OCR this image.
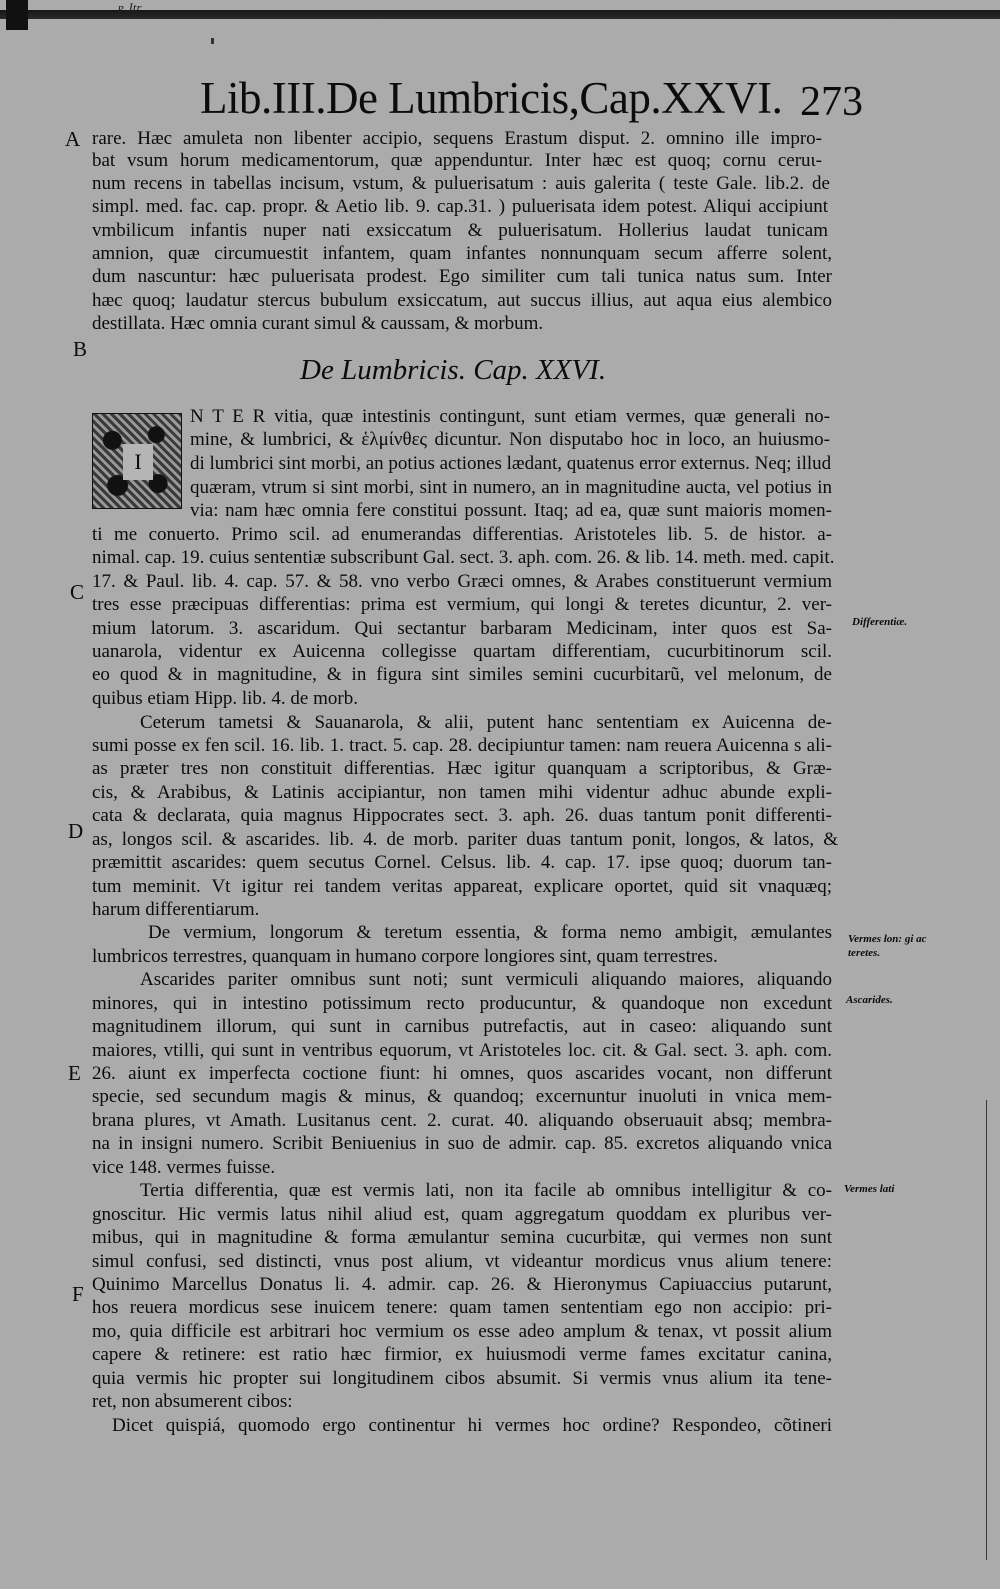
ɐ Jtr
Lib.III.De Lumbricis,Cap.XXVI. 273
A
B
C
D
E
F
Differentiæ.
Vermes lon: gi ac teretes.
Ascarides.
Vermes lati
De Lumbricis. Cap. XXVI.
I
rare. Hæc amuleta non libenter accipio, sequens Erastum disput. 2. omnino ille impro-
bat vsum horum medicamentorum, quæ appenduntur. Inter hæc est quoq; cornu ceruι-
num recens in tabellas incisum, vstum, & puluerisatum : auis galerita ( teste Gale. lib.2. de
simpl. med. fac. cap. propr. & Aetio lib. 9. cap.31. ) puluerisata idem potest. Aliqui accipiunt
vmbilicum infantis nuper nati exsiccatum & puluerisatum. Hollerius laudat tunicam
amnion, quæ circumuestit infantem, quam infantes nonnunquam secum afferre solent,
dum nascuntur: hæc puluerisata prodest. Ego similiter cum tali tunica natus sum. Inter
hæc quoq; laudatur stercus bubulum exsiccatum, aut succus illius, aut aqua eius alembico
destillata. Hæc omnia curant simul & caussam, & morbum.
N T E R vitia, quæ intestinis contingunt, sunt etiam vermes, quæ generali no-
mine, & lumbrici, & ἑλμίνθες dicuntur. Non disputabo hoc in loco, an huiusmo-
di lumbrici sint morbi, an potius actiones lædant, quatenus error externus. Neq; illud
quæram, vtrum si sint morbi, sint in numero, an in magnitudine aucta, vel potius in
via: nam hæc omnia fere constitui possunt. Itaq; ad ea, quæ sunt maioris momen-
ti me conuerto. Primo scil. ad enumerandas differentias. Aristoteles lib. 5. de histor. a-
nimal. cap. 19. cuius sententiæ subscribunt Gal. sect. 3. aph. com. 26. & lib. 14. meth. med. capit.
17. & Paul. lib. 4. cap. 57. & 58. vno verbo Græci omnes, & Arabes constituerunt vermium
tres esse præcipuas differentias: prima est vermium, qui longi & teretes dicuntur, 2. ver-
mium latorum. 3. ascaridum. Qui sectantur barbaram Medicinam, inter quos est Sa-
uanarola, videntur ex Auicenna collegisse quartam differentiam, cucurbitinorum scil.
eo quod & in magnitudine, & in figura sint similes semini cucurbitarũ, vel melonum, de
quibus etiam Hipp. lib. 4. de morb.
Ceterum tametsi & Sauanarola, & alii, putent hanc sententiam ex Auicenna de-
sumi posse ex fen scil. 16. lib. 1. tract. 5. cap. 28. decipiuntur tamen: nam reuera Auicenna s ali-
as præter tres non constituit differentias. Hæc igitur quanquam a scriptoribus, & Græ-
cis, & Arabibus, & Latinis accipiantur, non tamen mihi videntur adhuc abunde expli-
cata & declarata, quia magnus Hippocrates sect. 3. aph. 26. duas tantum ponit differenti-
as, longos scil. & ascarides. lib. 4. de morb. pariter duas tantum ponit, longos, & latos, &
præmittit ascarides: quem secutus Cornel. Celsus. lib. 4. cap. 17. ipse quoq; duorum tan-
tum meminit. Vt igitur rei tandem veritas appareat, explicare oportet, quid sit vnaquæq;
harum differentiarum.
De vermium, longorum & teretum essentia, & forma nemo ambigit, æmulantes
lumbricos terrestres, quanquam in humano corpore longiores sint, quam terrestres.
Ascarides pariter omnibus sunt noti; sunt vermiculi aliquando maiores, aliquando
minores, qui in intestino potissimum recto producuntur, & quandoque non excedunt
magnitudinem illorum, qui sunt in carnibus putrefactis, aut in caseo: aliquando sunt
maiores, vtilli, qui sunt in ventribus equorum, vt Aristoteles loc. cit. & Gal. sect. 3. aph. com.
26. aiunt ex imperfecta coctione fiunt: hi omnes, quos ascarides vocant, non differunt
specie, sed secundum magis & minus, & quandoq; excernuntur inuoluti in vnica mem-
brana plures, vt Amath. Lusitanus cent. 2. curat. 40. aliquando obseruauit absq; membra-
na in insigni numero. Scribit Beniuenius in suo de admir. cap. 85. excretos aliquando vnica
vice 148. vermes fuisse.
Tertia differentia, quæ est vermis lati, non ita facile ab omnibus intelligitur & co-
gnoscitur. Hic vermis latus nihil aliud est, quam aggregatum quoddam ex pluribus ver-
mibus, qui in magnitudine & forma æmulantur semina cucurbitæ, qui vermes non sunt
simul confusi, sed distincti, vnus post alium, vt videantur mordicus vnus alium tenere:
Quinimo Marcellus Donatus li. 4. admir. cap. 26. & Hieronymus Capiuaccius putarunt,
hos reuera mordicus sese inuicem tenere: quam tamen sententiam ego non accipio: pri-
mo, quia difficile est arbitrari hoc vermium os esse adeo amplum & tenax, vt possit alium
capere & retinere: est ratio hæc firmior, ex huiusmodi verme fames excitatur canina,
quia vermis hic propter sui longitudinem cibos absumit. Si vermis vnus alium ita tene-
ret, non absumerent cibos:
Dicet quispiá, quomodo ergo continentur hi vermes hoc ordine? Respondeo, cõtineri
